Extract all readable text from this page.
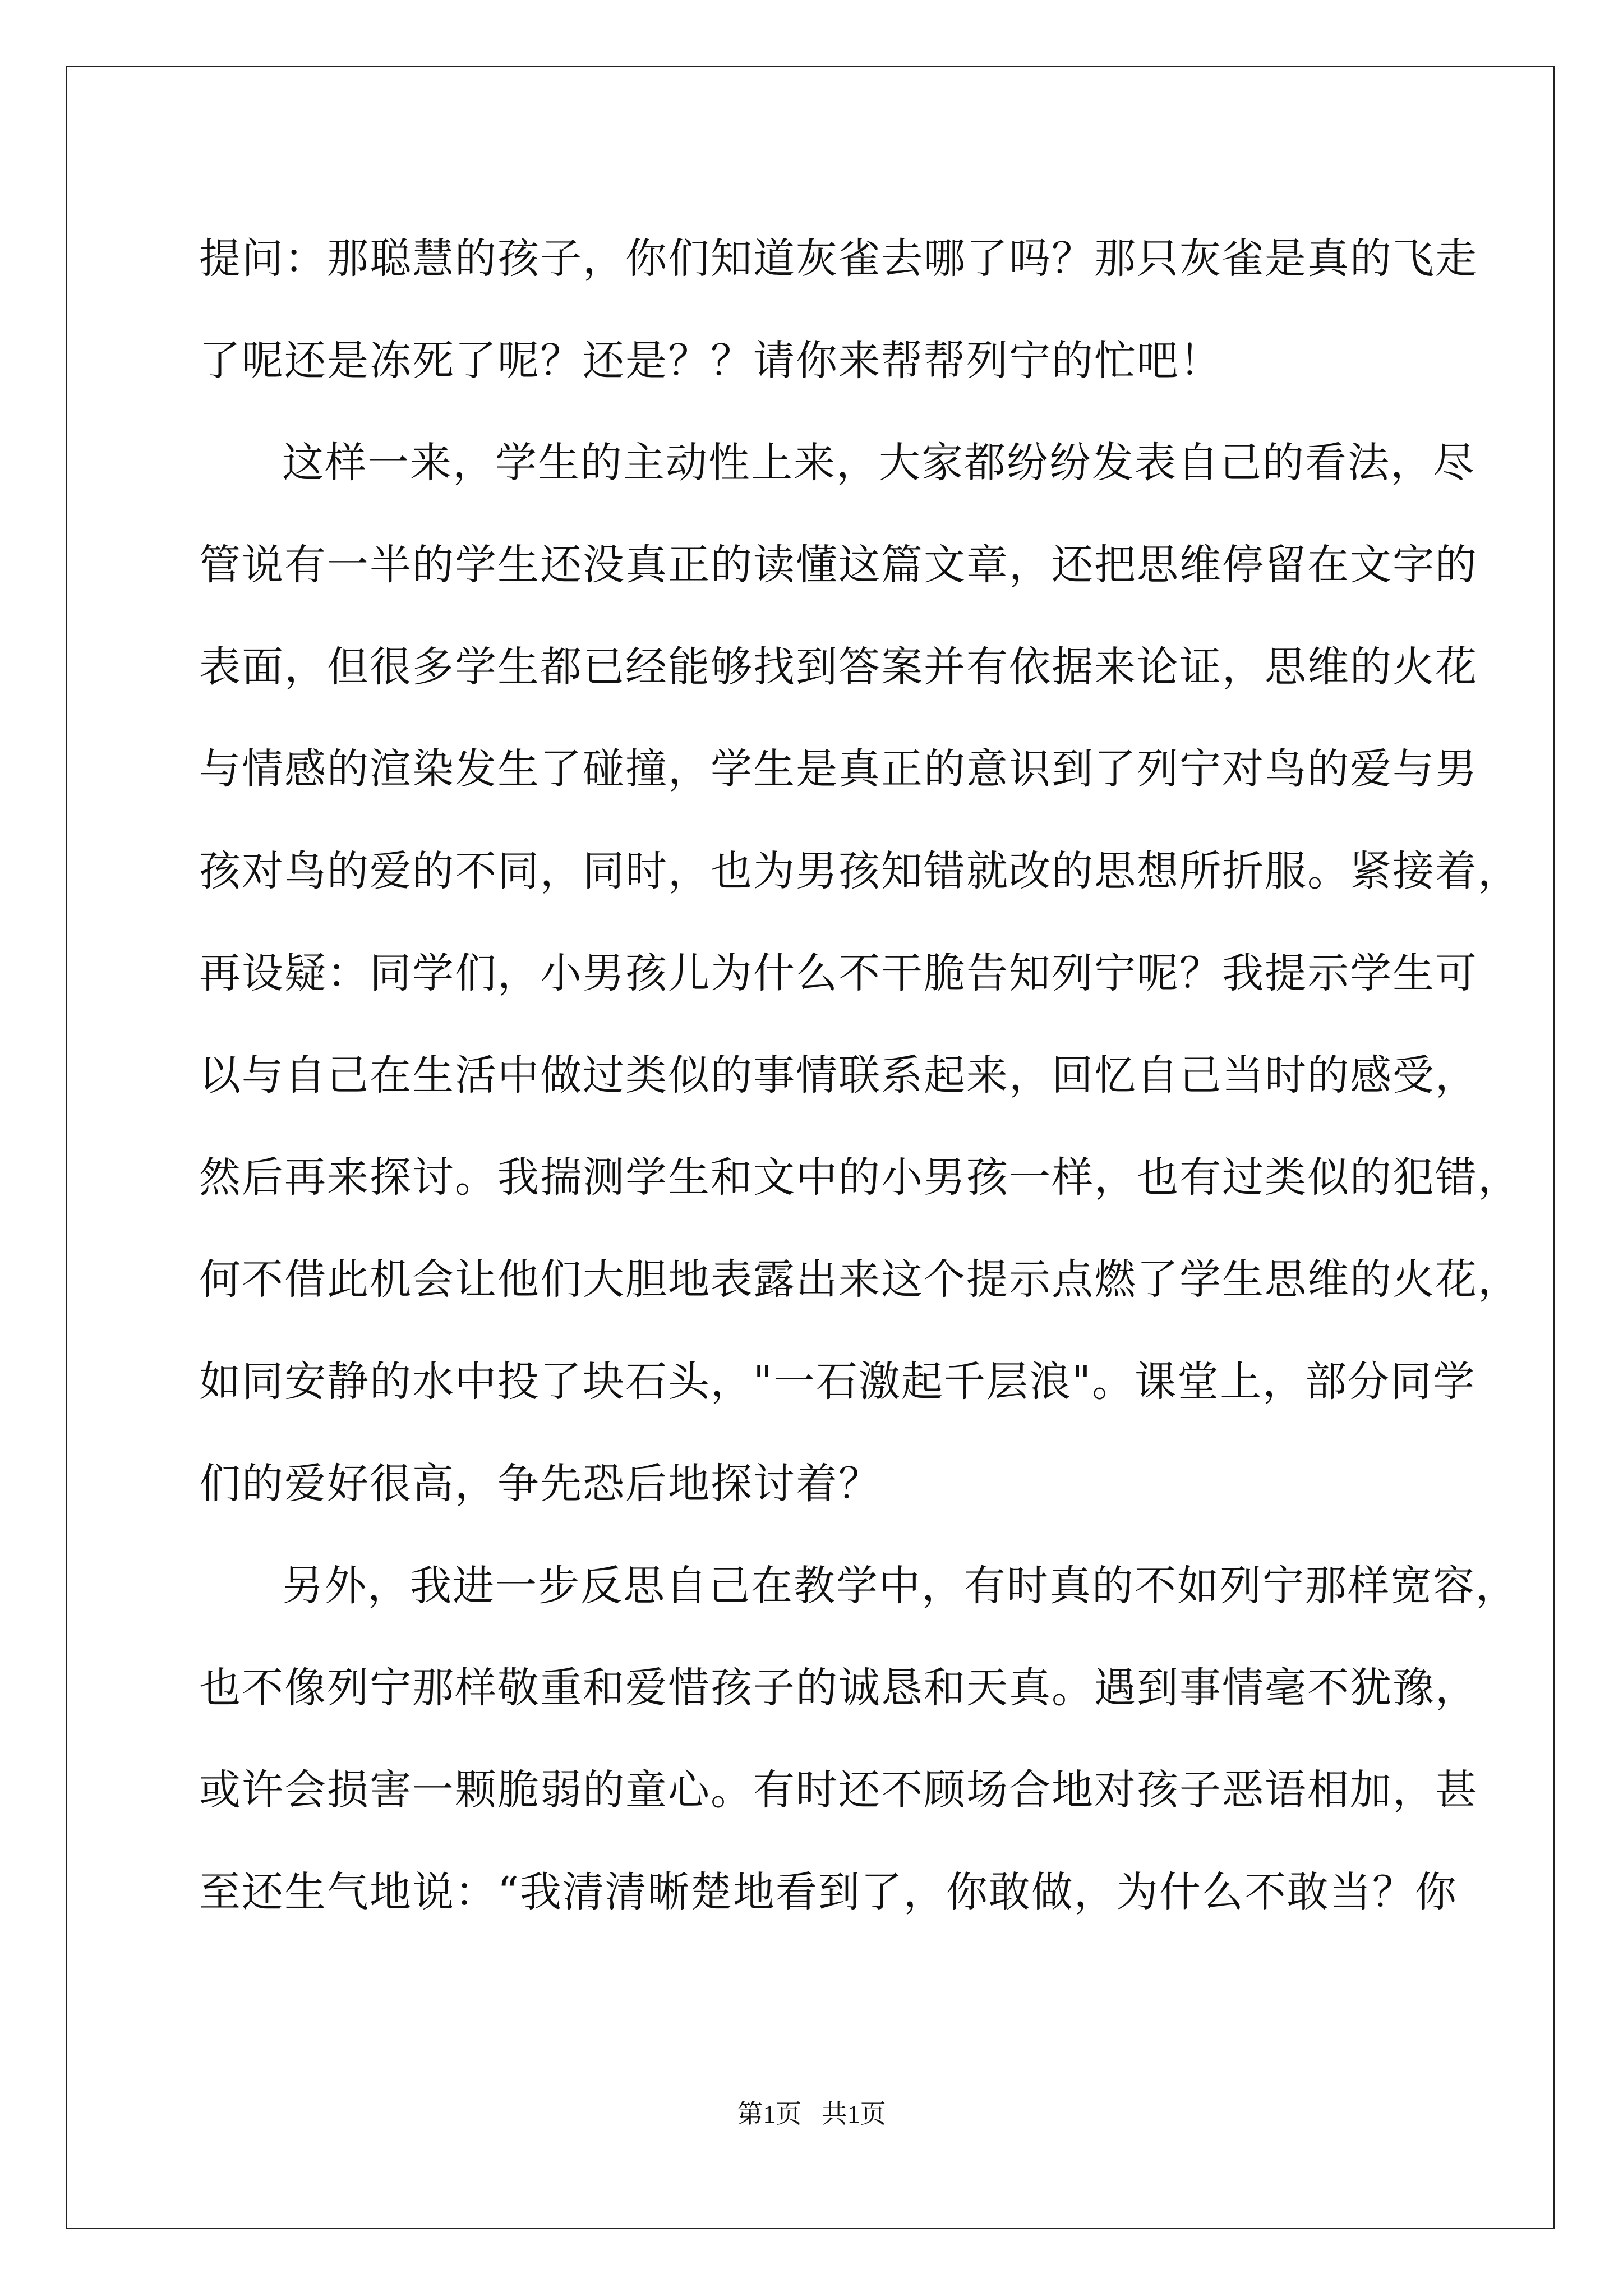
提问：那聪慧的孩子，你们知道灰雀去哪了吗？那只灰雀是真的飞走
了呢还是冻死了呢？还是？？请你来帮帮列宁的忙吧！
这样一来，学生的主动性上来，大家都纷纷发表自己的看法，尽
管说有一半的学生还没真正的读懂这篇文章，还把思维停留在文字的
表面，但很多学生都已经能够找到答案并有依据来论证，思维的火花
与情感的渲染发生了碰撞，学生是真正的意识到了列宁对鸟的爱与男
孩对鸟的爱的不同，同时，也为男孩知错就改的思想所折服。紧接着，
再设疑：同学们，小男孩儿为什么不干脆告知列宁呢？我提示学生可
以与自己在生活中做过类似的事情联系起来，回忆自己当时的感受，
然后再来探讨。我揣测学生和文中的小男孩一样，也有过类似的犯错，
何不借此机会让他们大胆地表露出来这个提示点燃了学生思维的火花，
如同安静的水中投了块石头，"一石激起千层浪"。课堂上，部分同学
们的爱好很高，争先恐后地探讨着？
另外，我进一步反思自己在教学中，有时真的不如列宁那样宽容，
也不像列宁那样敬重和爱惜孩子的诚恳和天真。遇到事情毫不犹豫，
或许会损害一颗脆弱的童心。有时还不顾场合地对孩子恶语相加，甚
至还生气地说：“我清清晰楚地看到了，你敢做，为什么不敢当？你
第1页 共1页
